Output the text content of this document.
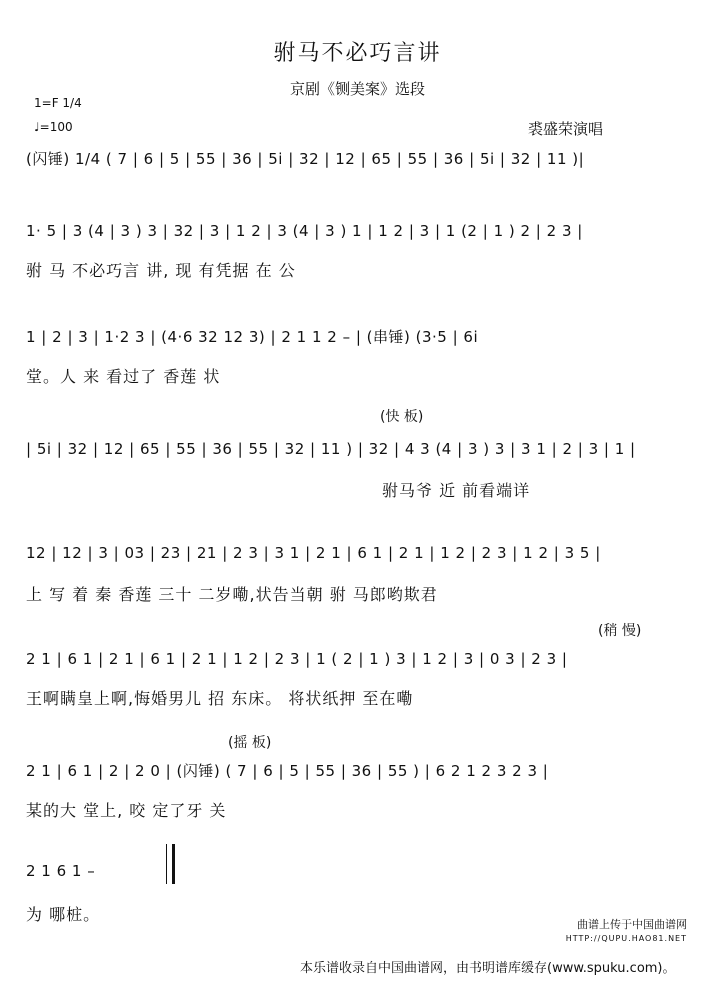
驸马不必巧言讲
京剧《铡美案》选段
1=F 1/4
♩=100	裘盛荣演唱
(闪锤) 1/4 ( 7 | 6 | 5 | 55 | 36 | 5i | 32 | 12 | 65 | 55 | 36 | 5i | 32 | 11 )|
1· 5 | 3 (4 | 3 ) 3 | 32 | 3 | 1 2 | 3 (4 | 3 ) 1 | 1 2 | 3 | 1 (2 | 1 ) 2 | 2 3 |
驸 马 不必巧言 讲, 现 有凭据 在 公
1 | 2 | 3 | 1·2 3 | (4·6 32 12 3) | 2 1 1 2 – | (串锤) (3·5 | 6i
堂。人 来 看过了 香莲 状
(快 板)
| 5i | 32 | 12 | 65 | 55 | 36 | 55 | 32 | 11 ) | 32 | 4 3 (4 | 3 ) 3 | 3 1 | 2 | 3 | 1 |
驸马爷 近 前看端详
12 | 12 | 3 | 03 | 23 | 21 | 2 3 | 3 1 | 2 1 | 6 1 | 2 1 | 1 2 | 2 3 | 1 2 | 3 5 |
上 写 着 秦 香莲 三十 二岁嘞,状告当朝 驸 马郎哟欺君
(稍 慢)
2 1 | 6 1 | 2 1 | 6 1 | 2 1 | 1 2 | 2 3 | 1 ( 2 | 1 ) 3 | 1 2 | 3 | 0 3 | 2 3 |
王啊瞒皇上啊,悔婚男儿 招 东床。 将状纸押 至在嘞
(摇 板)
2 1 | 6 1 | 2 | 2 0 | (闪锤) ( 7 | 6 | 5 | 55 | 36 | 55 ) | 6 2 1 2 3 2 3 |
某的大 堂上, 咬 定了牙 关
2 1 6 1 –
为 哪桩。
曲谱上传于中国曲谱网
HTTP://QUPU.HAO81.NET
本乐谱收录自中国曲谱网，由书明谱库缓存(www.spuku.com)。
